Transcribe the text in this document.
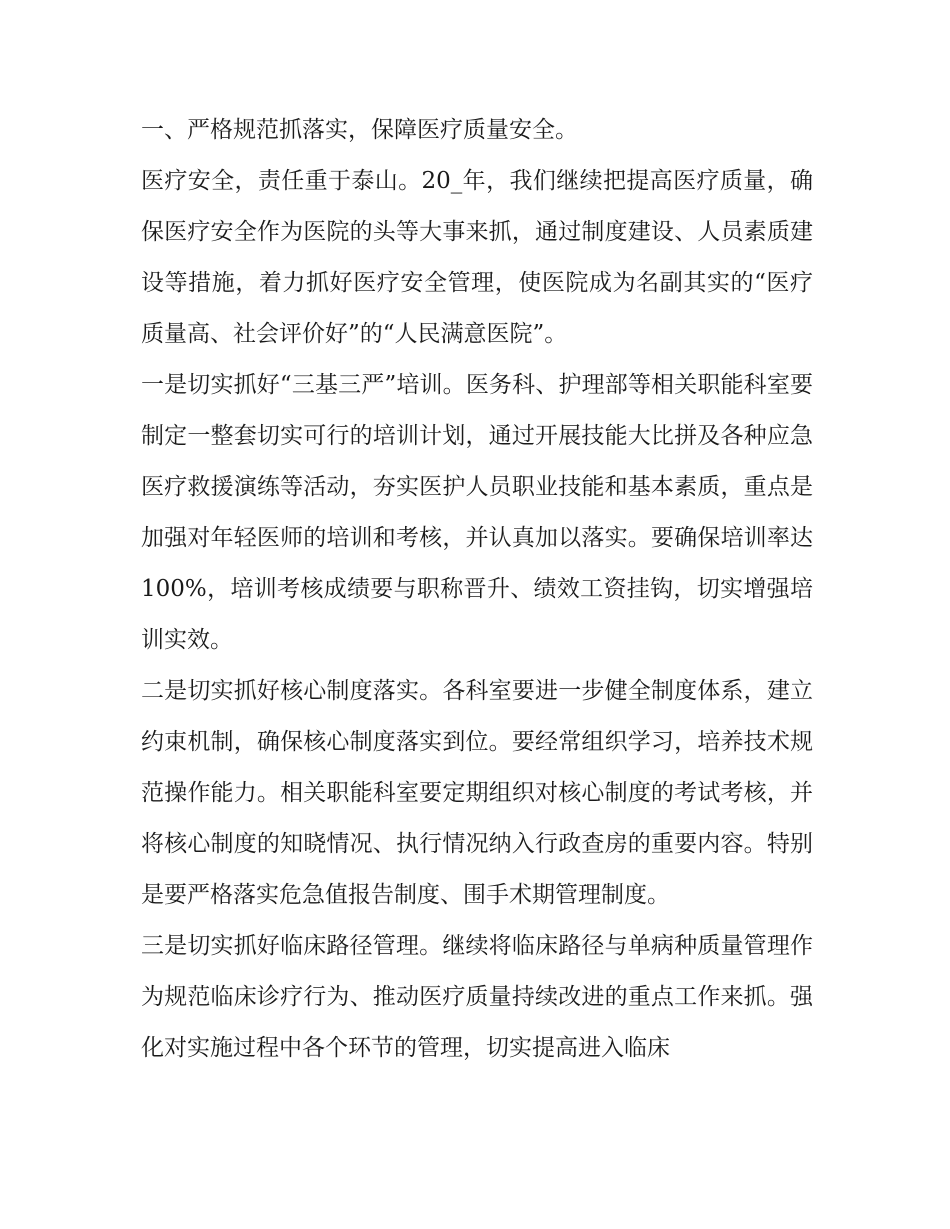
一、严格规范抓落实，保障医疗质量安全。

医疗安全，责任重于泰山。20_年，我们继续把提高医疗质量，确保医疗安全作为医院的头等大事来抓，通过制度建设、人员素质建设等措施，着力抓好医疗安全管理，使医院成为名副其实的“医疗质量高、社会评价好”的“人民满意医院”。

一是切实抓好“三基三严”培训。医务科、护理部等相关职能科室要制定一整套切实可行的培训计划，通过开展技能大比拼及各种应急医疗救援演练等活动，夯实医护人员职业技能和基本素质，重点是加强对年轻医师的培训和考核，并认真加以落实。要确保培训率达100%，培训考核成绩要与职称晋升、绩效工资挂钩，切实增强培训实效。

二是切实抓好核心制度落实。各科室要进一步健全制度体系，建立约束机制，确保核心制度落实到位。要经常组织学习，培养技术规范操作能力。相关职能科室要定期组织对核心制度的考试考核，并将核心制度的知晓情况、执行情况纳入行政查房的重要内容。特别是要严格落实危急值报告制度、围手术期管理制度。

三是切实抓好临床路径管理。继续将临床路径与单病种质量管理作为规范临床诊疗行为、推动医疗质量持续改进的重点工作来抓。强化对实施过程中各个环节的管理，切实提高进入临床
